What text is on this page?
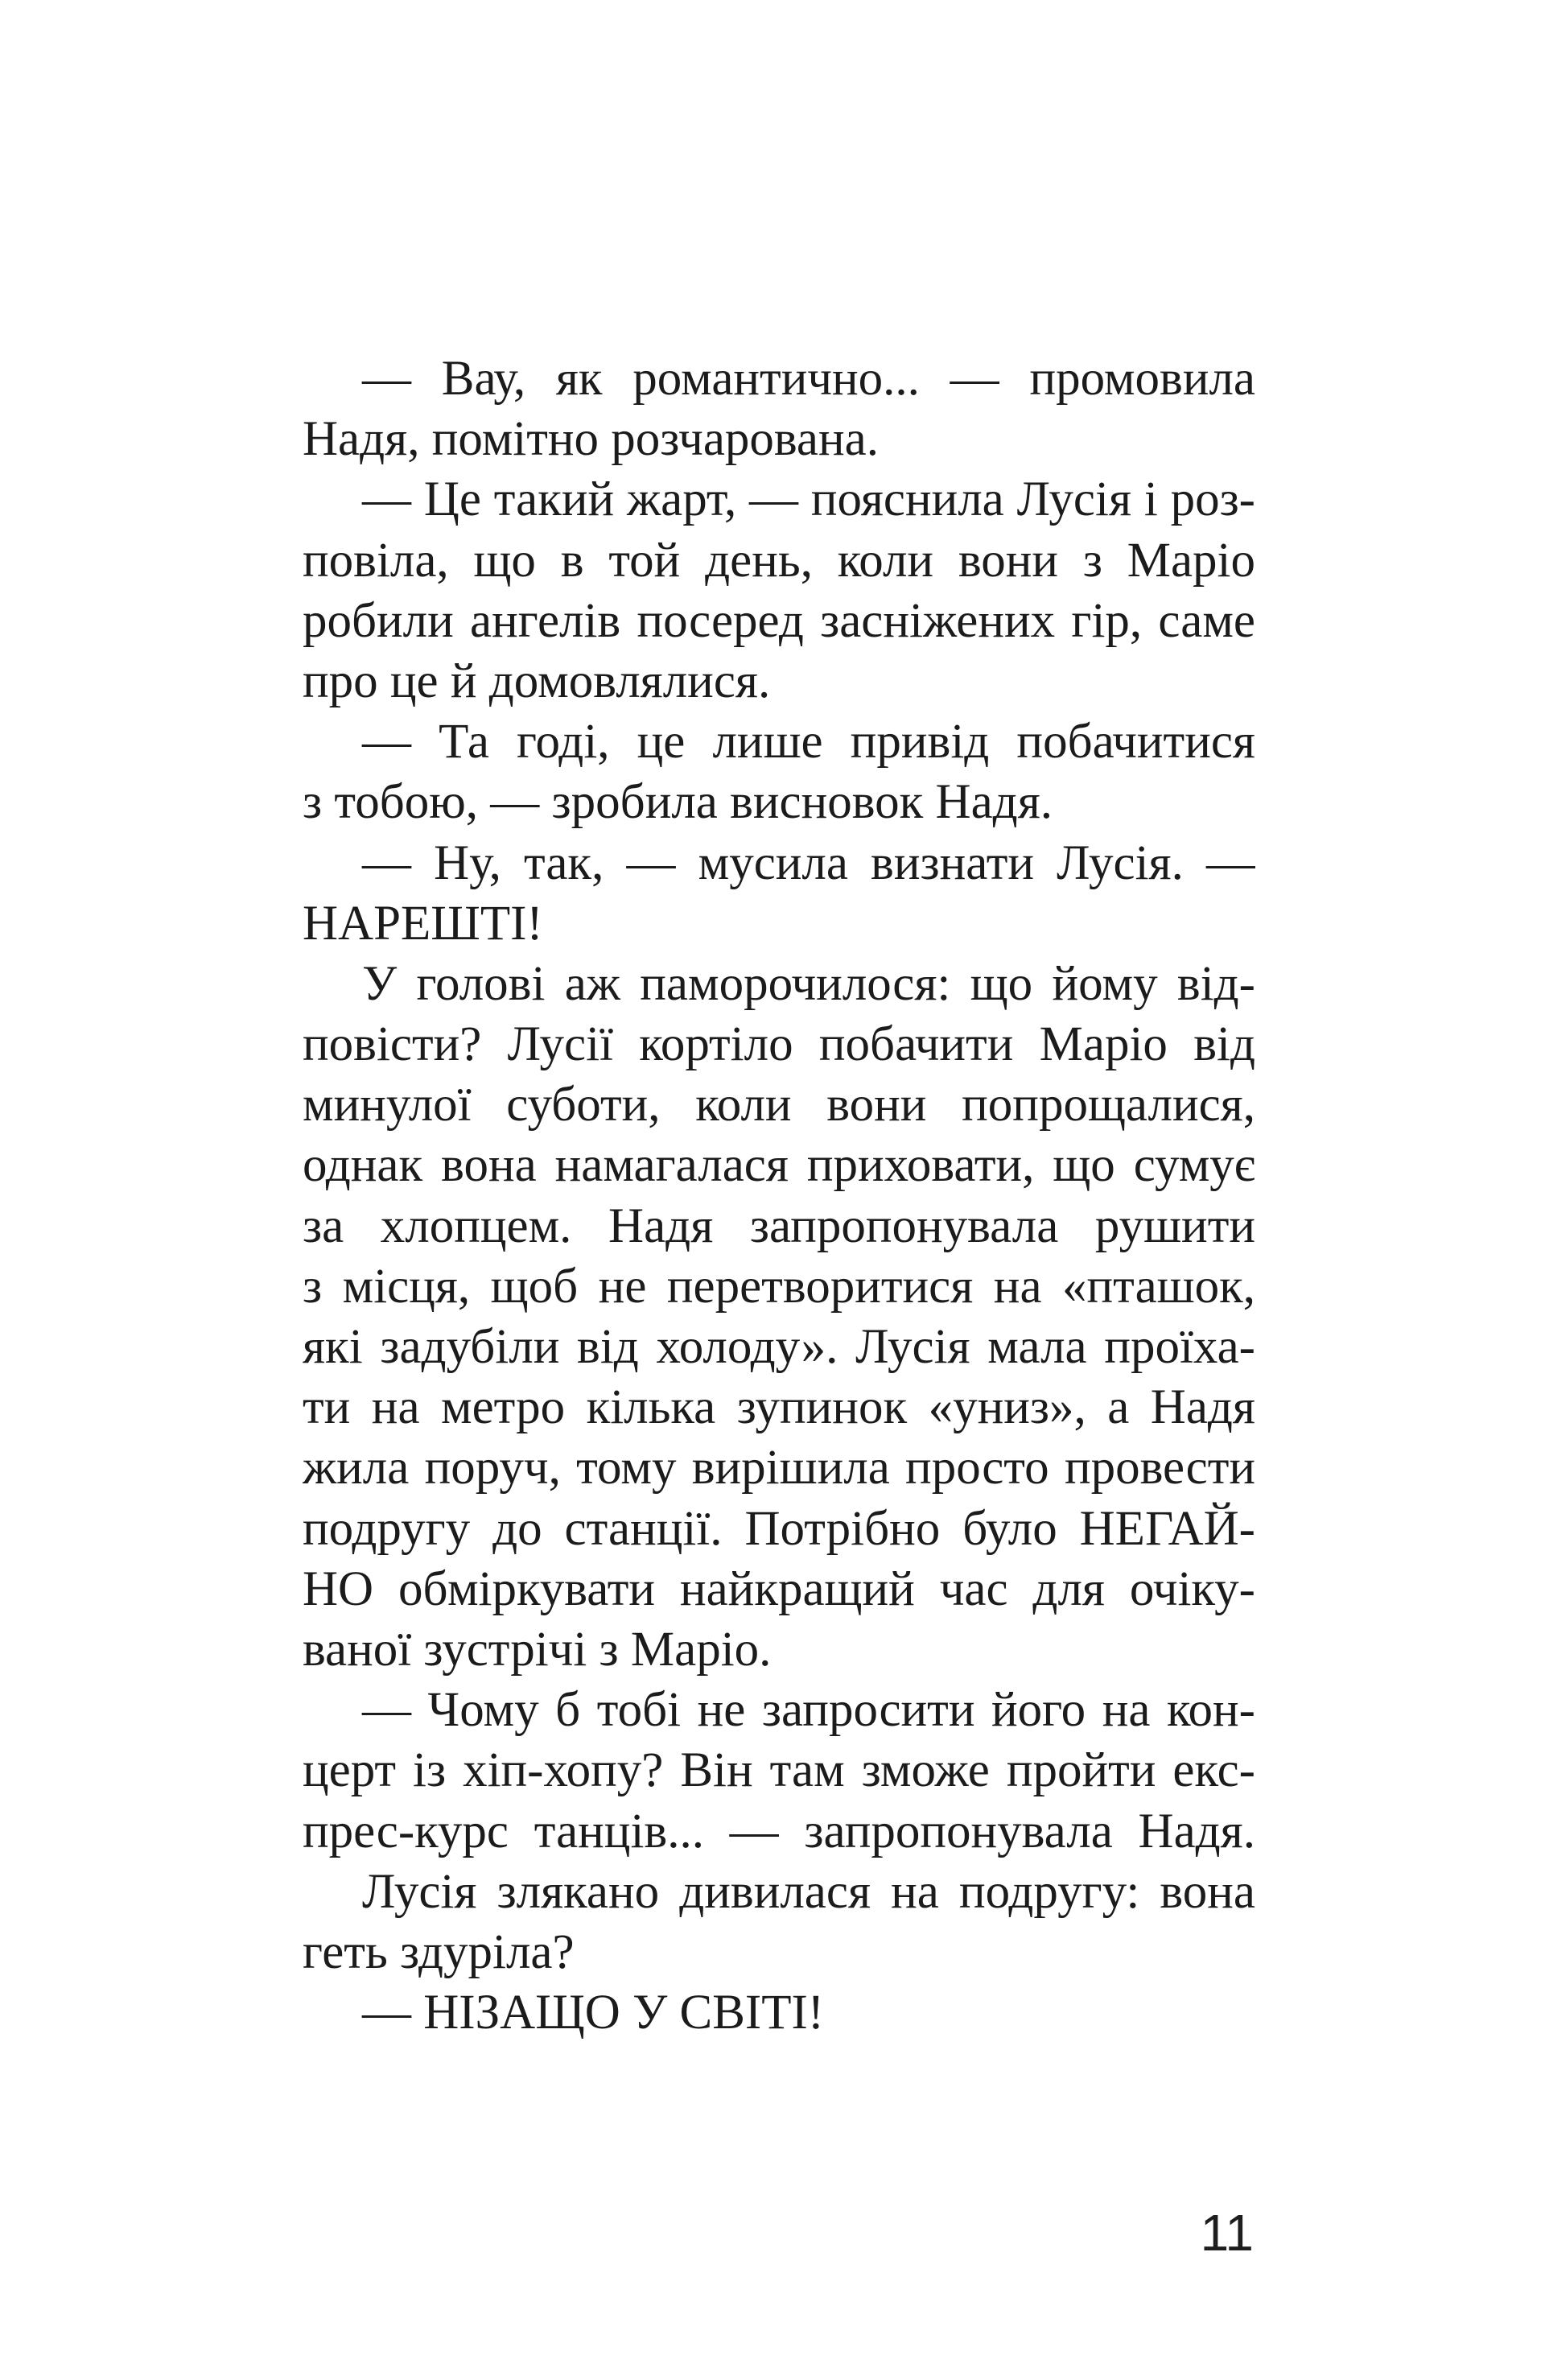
— Вау, як романтично... — промовила
Надя, помітно розчарована.
— Це такий жарт, — пояснила Лусія і роз-
повіла, що в той день, коли вони з Маріо
робили ангелів посеред засніжених гір, саме
про це й домовлялися.
— Та годі, це лише привід побачитися
з тобою, — зробила висновок Надя.
— Ну, так, — мусила визнати Лусія. —
НАРЕШТІ!
У голові аж паморочилося: що йому від-
повісти? Лусії кортіло побачити Маріо від
минулої суботи, коли вони попрощалися,
однак вона намагалася приховати, що сумує
за хлопцем. Надя запропонувала рушити
з місця, щоб не перетворитися на «пташок,
які задубіли від холоду». Лусія мала проїха-
ти на метро кілька зупинок «униз», а Надя
жила поруч, тому вирішила просто провести
подругу до станції. Потрібно було НЕГАЙ-
НО обміркувати найкращий час для очіку-
ваної зустрічі з Маріо.
— Чому б тобі не запросити його на кон-
церт із хіп-хопу? Він там зможе пройти екс-
прес-курс танців... — запропонувала Надя.
Лусія злякано дивилася на подругу: вона
геть здуріла?
— НІЗАЩО У СВІТІ!
11
